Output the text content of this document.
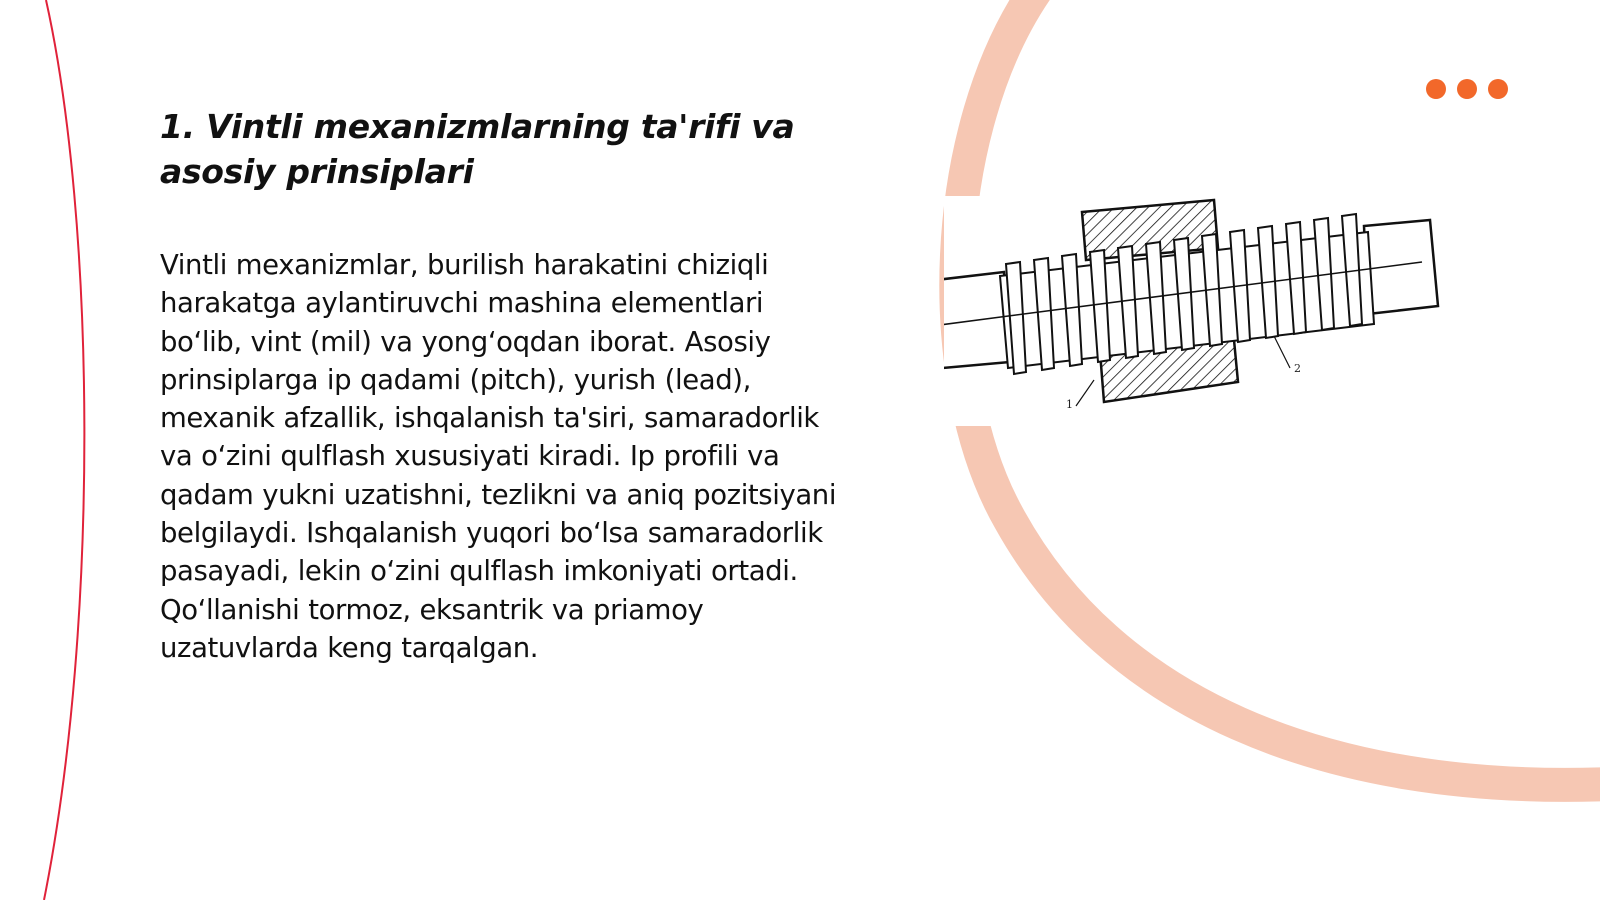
1. Vintli mexanizmlarning ta'rifi va asosiy prinsiplari

Vintli mexanizmlar, burilish harakatini chiziqli harakatga aylantiruvchi mashina elementlari bo‘lib, vint (mil) va yong‘oqdan iborat. Asosiy prinsiplarga ip qadami (pitch), yurish (lead), mexanik afzallik, ishqalanish ta'siri, samaradorlik va o‘zini qulflash xususiyati kiradi. Ip profili va qadam yukni uzatishni, tezlikni va aniq pozitsiyani belgilaydi. Ishqalanish yuqori bo‘lsa samaradorlik pasayadi, lekin o‘zini qulflash imkoniyati ortadi. Qo‘llanishi tormoz, eksantrik va priamoy uzatuvlarda keng tarqalgan.

1
2
